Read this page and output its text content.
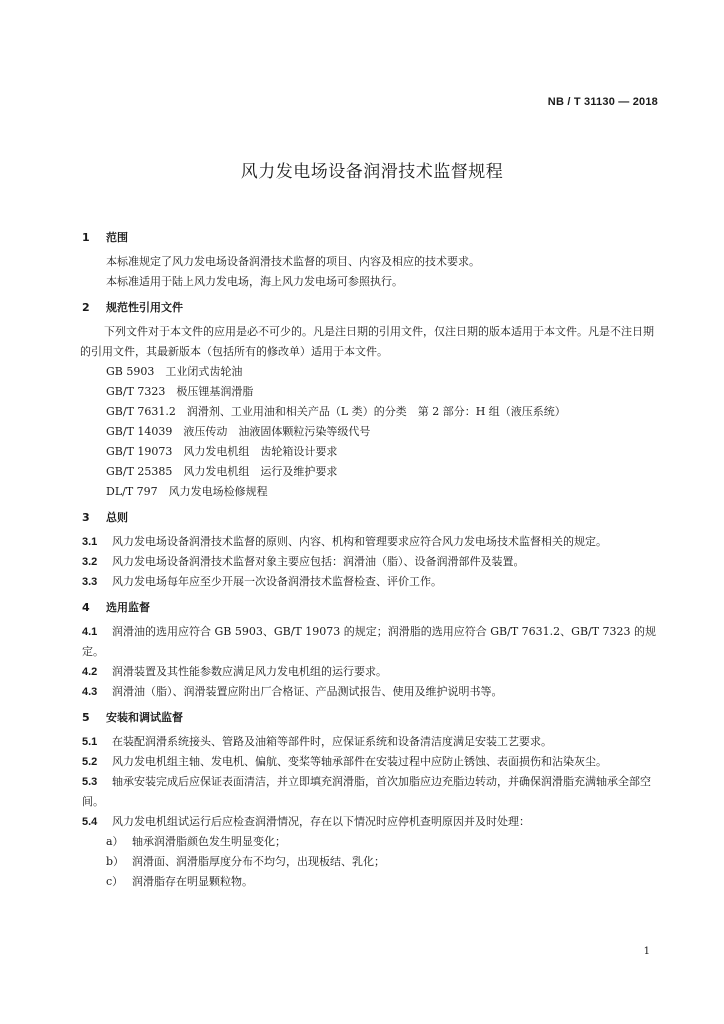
NB / T 31130 — 2018
风力发电场设备润滑技术监督规程
1 范围

本标准规定了风力发电场设备润滑技术监督的项目、内容及相应的技术要求。

本标准适用于陆上风力发电场，海上风力发电场可参照执行。

2 规范性引用文件

下列文件对于本文件的应用是必不可少的。凡是注日期的引用文件，仅注日期的版本适用于本文件。凡是不注日期的引用文件，其最新版本（包括所有的修改单）适用于本文件。

GB 5903　工业闭式齿轮油

GB/T 7323　极压锂基润滑脂

GB/T 7631.2　润滑剂、工业用油和相关产品（L 类）的分类　第 2 部分：H 组（液压系统）

GB/T 14039　液压传动　油液固体颗粒污染等级代号

GB/T 19073　风力发电机组　齿轮箱设计要求

GB/T 25385　风力发电机组　运行及维护要求

DL/T 797　风力发电场检修规程

3 总则

3.1 风力发电场设备润滑技术监督的原则、内容、机构和管理要求应符合风力发电场技术监督相关的规定。

3.2 风力发电场设备润滑技术监督对象主要应包括：润滑油（脂）、设备润滑部件及装置。

3.3 风力发电场每年应至少开展一次设备润滑技术监督检查、评价工作。

4 选用监督

4.1 润滑油的选用应符合 GB 5903、GB/T 19073 的规定；润滑脂的选用应符合 GB/T 7631.2、GB/T 7323 的规定。

4.2 润滑装置及其性能参数应满足风力发电机组的运行要求。

4.3 润滑油（脂）、润滑装置应附出厂合格证、产品测试报告、使用及维护说明书等。

5 安装和调试监督

5.1 在装配润滑系统接头、管路及油箱等部件时，应保证系统和设备清洁度满足安装工艺要求。

5.2 风力发电机组主轴、发电机、偏航、变桨等轴承部件在安装过程中应防止锈蚀、表面损伤和沾染灰尘。

5.3 轴承安装完成后应保证表面清洁，并立即填充润滑脂，首次加脂应边充脂边转动，并确保润滑脂充满轴承全部空间。

5.4 风力发电机组试运行后应检查润滑情况，存在以下情况时应停机查明原因并及时处理：

a） 轴承润滑脂颜色发生明显变化；

b） 润滑面、润滑脂厚度分布不均匀，出现板结、乳化；

c） 润滑脂存在明显颗粒物。

1
